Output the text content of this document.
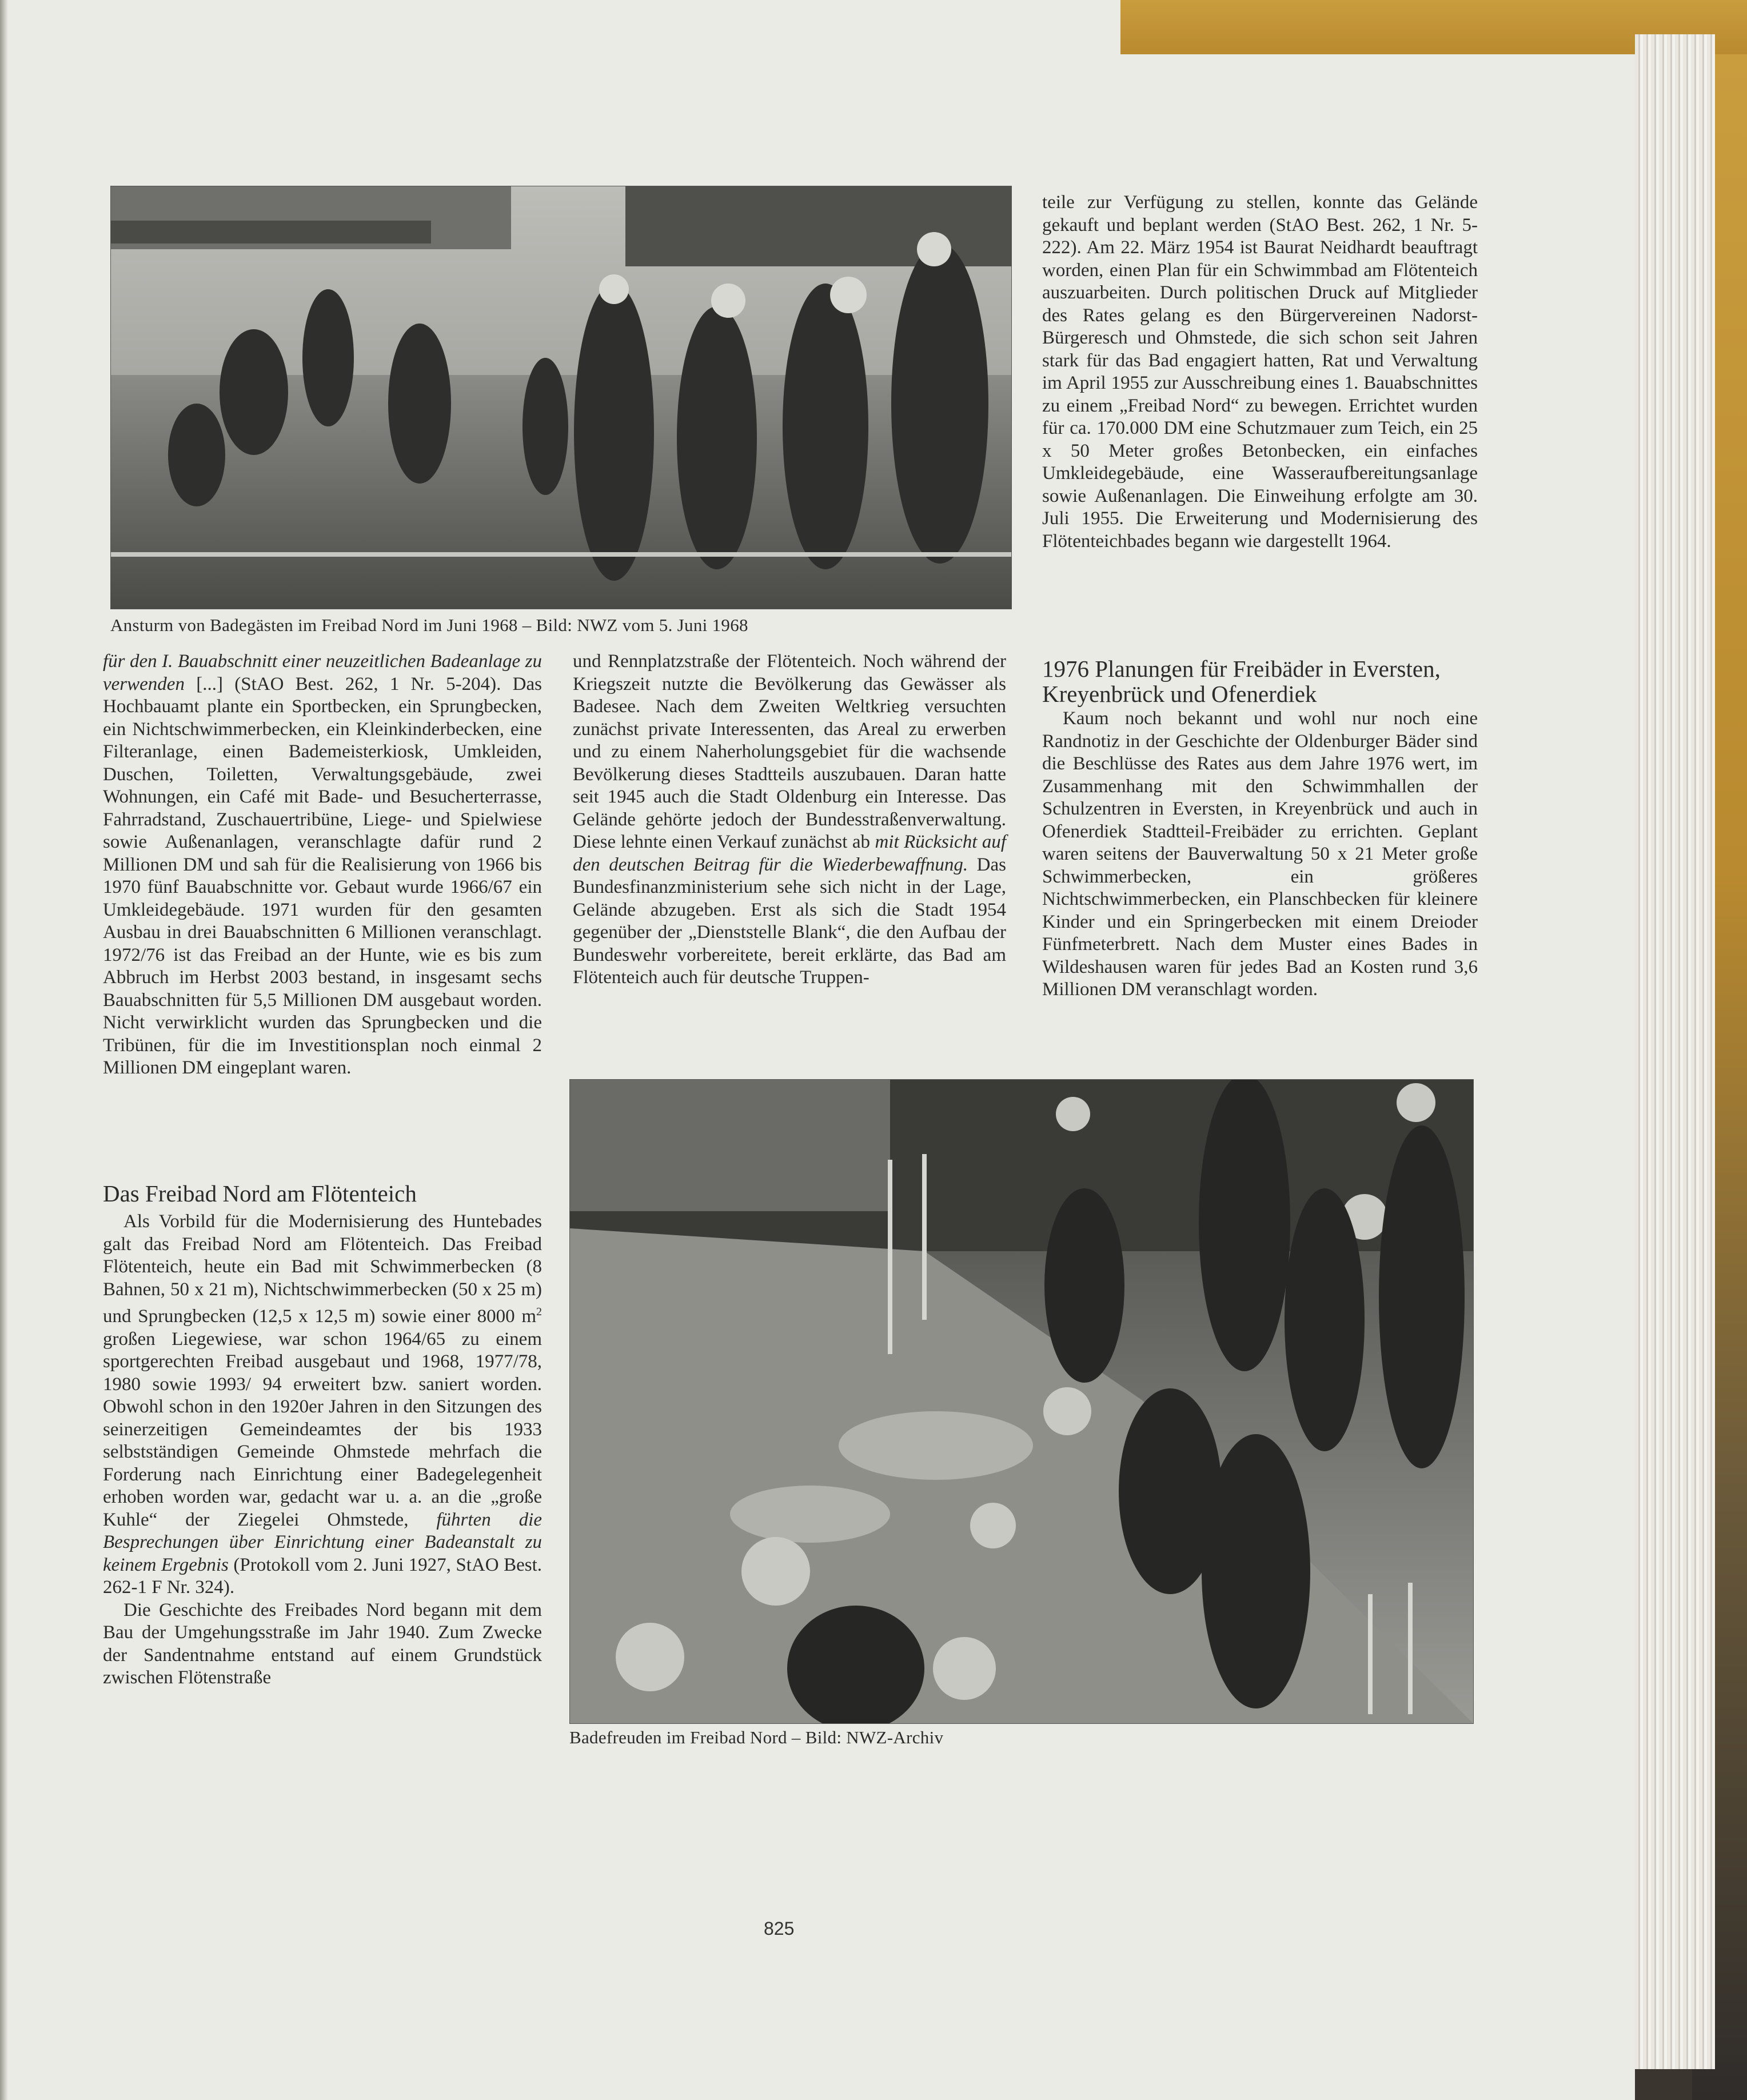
Ansturm von Badegästen im Freibad Nord im Juni 1968 – Bild: NWZ vom 5. Juni 1968

für den I. Bauabschnitt einer neuzeitlichen Badeanlage zu verwenden [...] (StAO Best. 262, 1 Nr. 5-204). Das Hochbauamt plante ein Sportbecken, ein Sprungbecken, ein Nichtschwimmerbecken, ein Kleinkinderbecken, eine Filteranlage, einen Bademeisterkiosk, Umkleiden, Duschen, Toiletten, Verwaltungsgebäude, zwei Wohnungen, ein Café mit Bade- und Besucherterrasse, Fahrradstand, Zuschauertribüne, Liege- und Spielwiese sowie Außenanlagen, veranschlagte dafür rund 2 Millionen DM und sah für die Realisierung von 1966 bis 1970 fünf Bauabschnitte vor. Gebaut wurde 1966/67 ein Umkleidegebäude. 1971 wurden für den gesamten Ausbau in drei Bauabschnitten 6 Millionen veranschlagt. 1972/76 ist das Freibad an der Hunte, wie es bis zum Abbruch im Herbst 2003 bestand, in insgesamt sechs Bauabschnitten für 5,5 Millionen DM ausgebaut worden. Nicht verwirklicht wurden das Sprungbecken und die Tribünen, für die im Investitionsplan noch einmal 2 Millionen DM eingeplant waren.

Das Freibad Nord am Flötenteich

Als Vorbild für die Modernisierung des Huntebades galt das Freibad Nord am Flötenteich. Das Freibad Flötenteich, heute ein Bad mit Schwimmerbecken (8 Bahnen, 50 x 21 m), Nichtschwimmerbecken (50 x 25 m) und Sprungbecken (12,5 x 12,5 m) sowie einer 8000 $m^2$ großen Liegewiese, war schon 1964/65 zu einem sportgerechten Freibad ausgebaut und 1968, 1977/78, 1980 sowie 1993/ 94 erweitert bzw. saniert worden. Obwohl schon in den 1920er Jahren in den Sitzungen des seinerzeitigen Gemeindeamtes der bis 1933 selbstständigen Gemeinde Ohmstede mehrfach die Forderung nach Einrichtung einer Badegelegenheit erhoben worden war, gedacht war u. a. an die „große Kuhle“ der Ziegelei Ohmstede, führten die Besprechungen über Einrichtung einer Badeanstalt zu keinem Ergebnis (Protokoll vom 2. Juni 1927, StAO Best. 262-1 F Nr. 324).

Die Geschichte des Freibades Nord begann mit dem Bau der Umgehungsstraße im Jahr 1940. Zum Zwecke der Sandentnahme entstand auf einem Grundstück zwischen Flötenstraße

und Rennplatzstraße der Flötenteich. Noch während der Kriegszeit nutzte die Bevölkerung das Gewässer als Badesee. Nach dem Zweiten Weltkrieg versuchten zunächst private Interessenten, das Areal zu erwerben und zu einem Naherholungsgebiet für die wachsende Bevölkerung dieses Stadtteils auszubauen. Daran hatte seit 1945 auch die Stadt Oldenburg ein Interesse. Das Gelände gehörte jedoch der Bundesstraßenverwaltung. Diese lehnte einen Verkauf zunächst ab mit Rücksicht auf den deutschen Beitrag für die Wiederbewaffnung. Das Bundesfinanzministerium sehe sich nicht in der Lage, Gelände abzugeben. Erst als sich die Stadt 1954 gegenüber der „Dienststelle Blank“, die den Aufbau der Bundeswehr vorbereitete, bereit erklärte, das Bad am Flötenteich auch für deutsche Truppen-

teile zur Verfügung zu stellen, konnte das Gelände gekauft und beplant werden (StAO Best. 262, 1 Nr. 5-222). Am 22. März 1954 ist Baurat Neidhardt beauftragt worden, einen Plan für ein Schwimmbad am Flötenteich auszuarbeiten. Durch politischen Druck auf Mitglieder des Rates gelang es den Bürgervereinen Nadorst-Bürgeresch und Ohmstede, die sich schon seit Jahren stark für das Bad engagiert hatten, Rat und Verwaltung im April 1955 zur Ausschreibung eines 1. Bauabschnittes zu einem „Freibad Nord“ zu bewegen. Errichtet wurden für ca. 170.000 DM eine Schutzmauer zum Teich, ein 25 x 50 Meter großes Betonbecken, ein einfaches Umkleidegebäude, eine Wasseraufbereitungsanlage sowie Außenanlagen. Die Einweihung erfolgte am 30. Juli 1955. Die Erweiterung und Modernisierung des Flötenteichbades begann wie dargestellt 1964.

1976 Planungen für Freibäder in Eversten, Kreyenbrück und Ofenerdiek

Kaum noch bekannt und wohl nur noch eine Randnotiz in der Geschichte der Oldenburger Bäder sind die Beschlüsse des Rates aus dem Jahre 1976 wert, im Zusammenhang mit den Schwimmhallen der Schulzentren in Eversten, in Kreyenbrück und auch in Ofenerdiek Stadtteil-Freibäder zu errichten. Geplant waren seitens der Bauverwaltung 50 x 21 Meter große Schwimmerbecken, ein größeres Nichtschwimmerbecken, ein Planschbecken für kleinere Kinder und ein Springerbecken mit einem Dreioder Fünfmeterbrett. Nach dem Muster eines Bades in Wildeshausen waren für jedes Bad an Kosten rund 3,6 Millionen DM veranschlagt worden.

Badefreuden im Freibad Nord – Bild: NWZ-Archiv
825
